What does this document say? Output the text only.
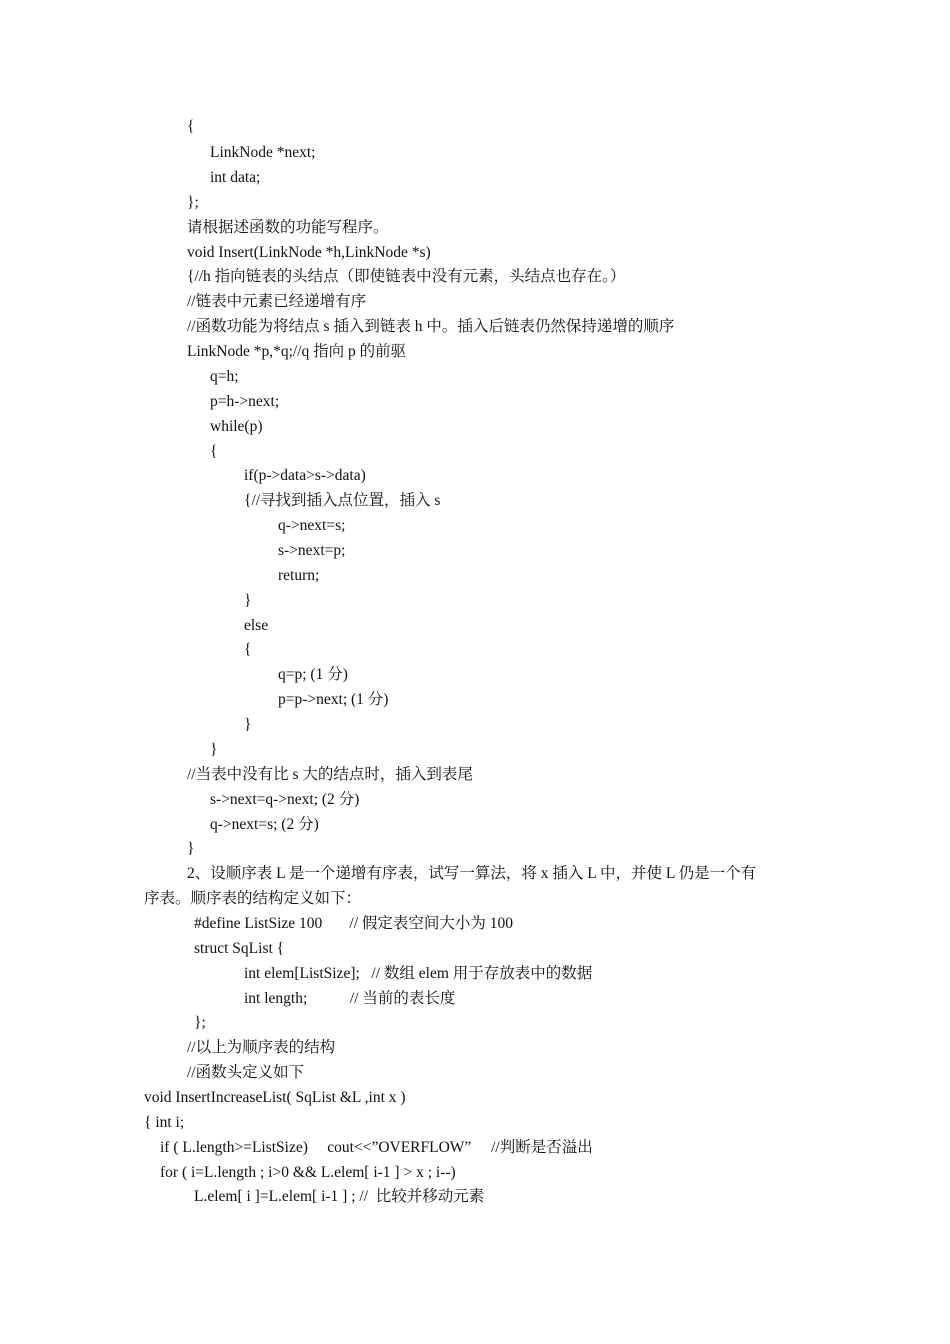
{
LinkNode *next;
int data;
};
请根据述函数的功能写程序。
void Insert(LinkNode *h,LinkNode *s)
{//h 指向链表的头结点（即使链表中没有元素，头结点也存在。）
//链表中元素已经递增有序
//函数功能为将结点 s 插入到链表 h 中。插入后链表仍然保持递增的顺序
LinkNode *p,*q;//q 指向 p 的前驱
q=h;
p=h->next;
while(p)
{
if(p->data>s->data)
{//寻找到插入点位置，插入 s
q->next=s;
s->next=p;
return;
}
else
{
q=p; (1 分)
p=p->next; (1 分)
}
}
//当表中没有比 s 大的结点时，插入到表尾
s->next=q->next; (2 分)
q->next=s; (2 分)
}
2、设顺序表 L 是一个递增有序表，试写一算法，将 x 插入 L 中，并使 L 仍是一个有
序表。顺序表的结构定义如下：
#define ListSize 100       // 假定表空间大小为 100
struct SqList {
int elem[ListSize];   // 数组 elem 用于存放表中的数据
int length;           // 当前的表长度
};
//以上为顺序表的结构
//函数头定义如下
void InsertIncreaseList( SqList &L ,int x )
{ int i;
if ( L.length>=ListSize)     cout<<”OVERFLOW”   //判断是否溢出
for ( i=L.length ; i>0 && L.elem[ i-1 ] > x ; i--)
L.elem[ i ]=L.elem[ i-1 ] ; //  比较并移动元素
